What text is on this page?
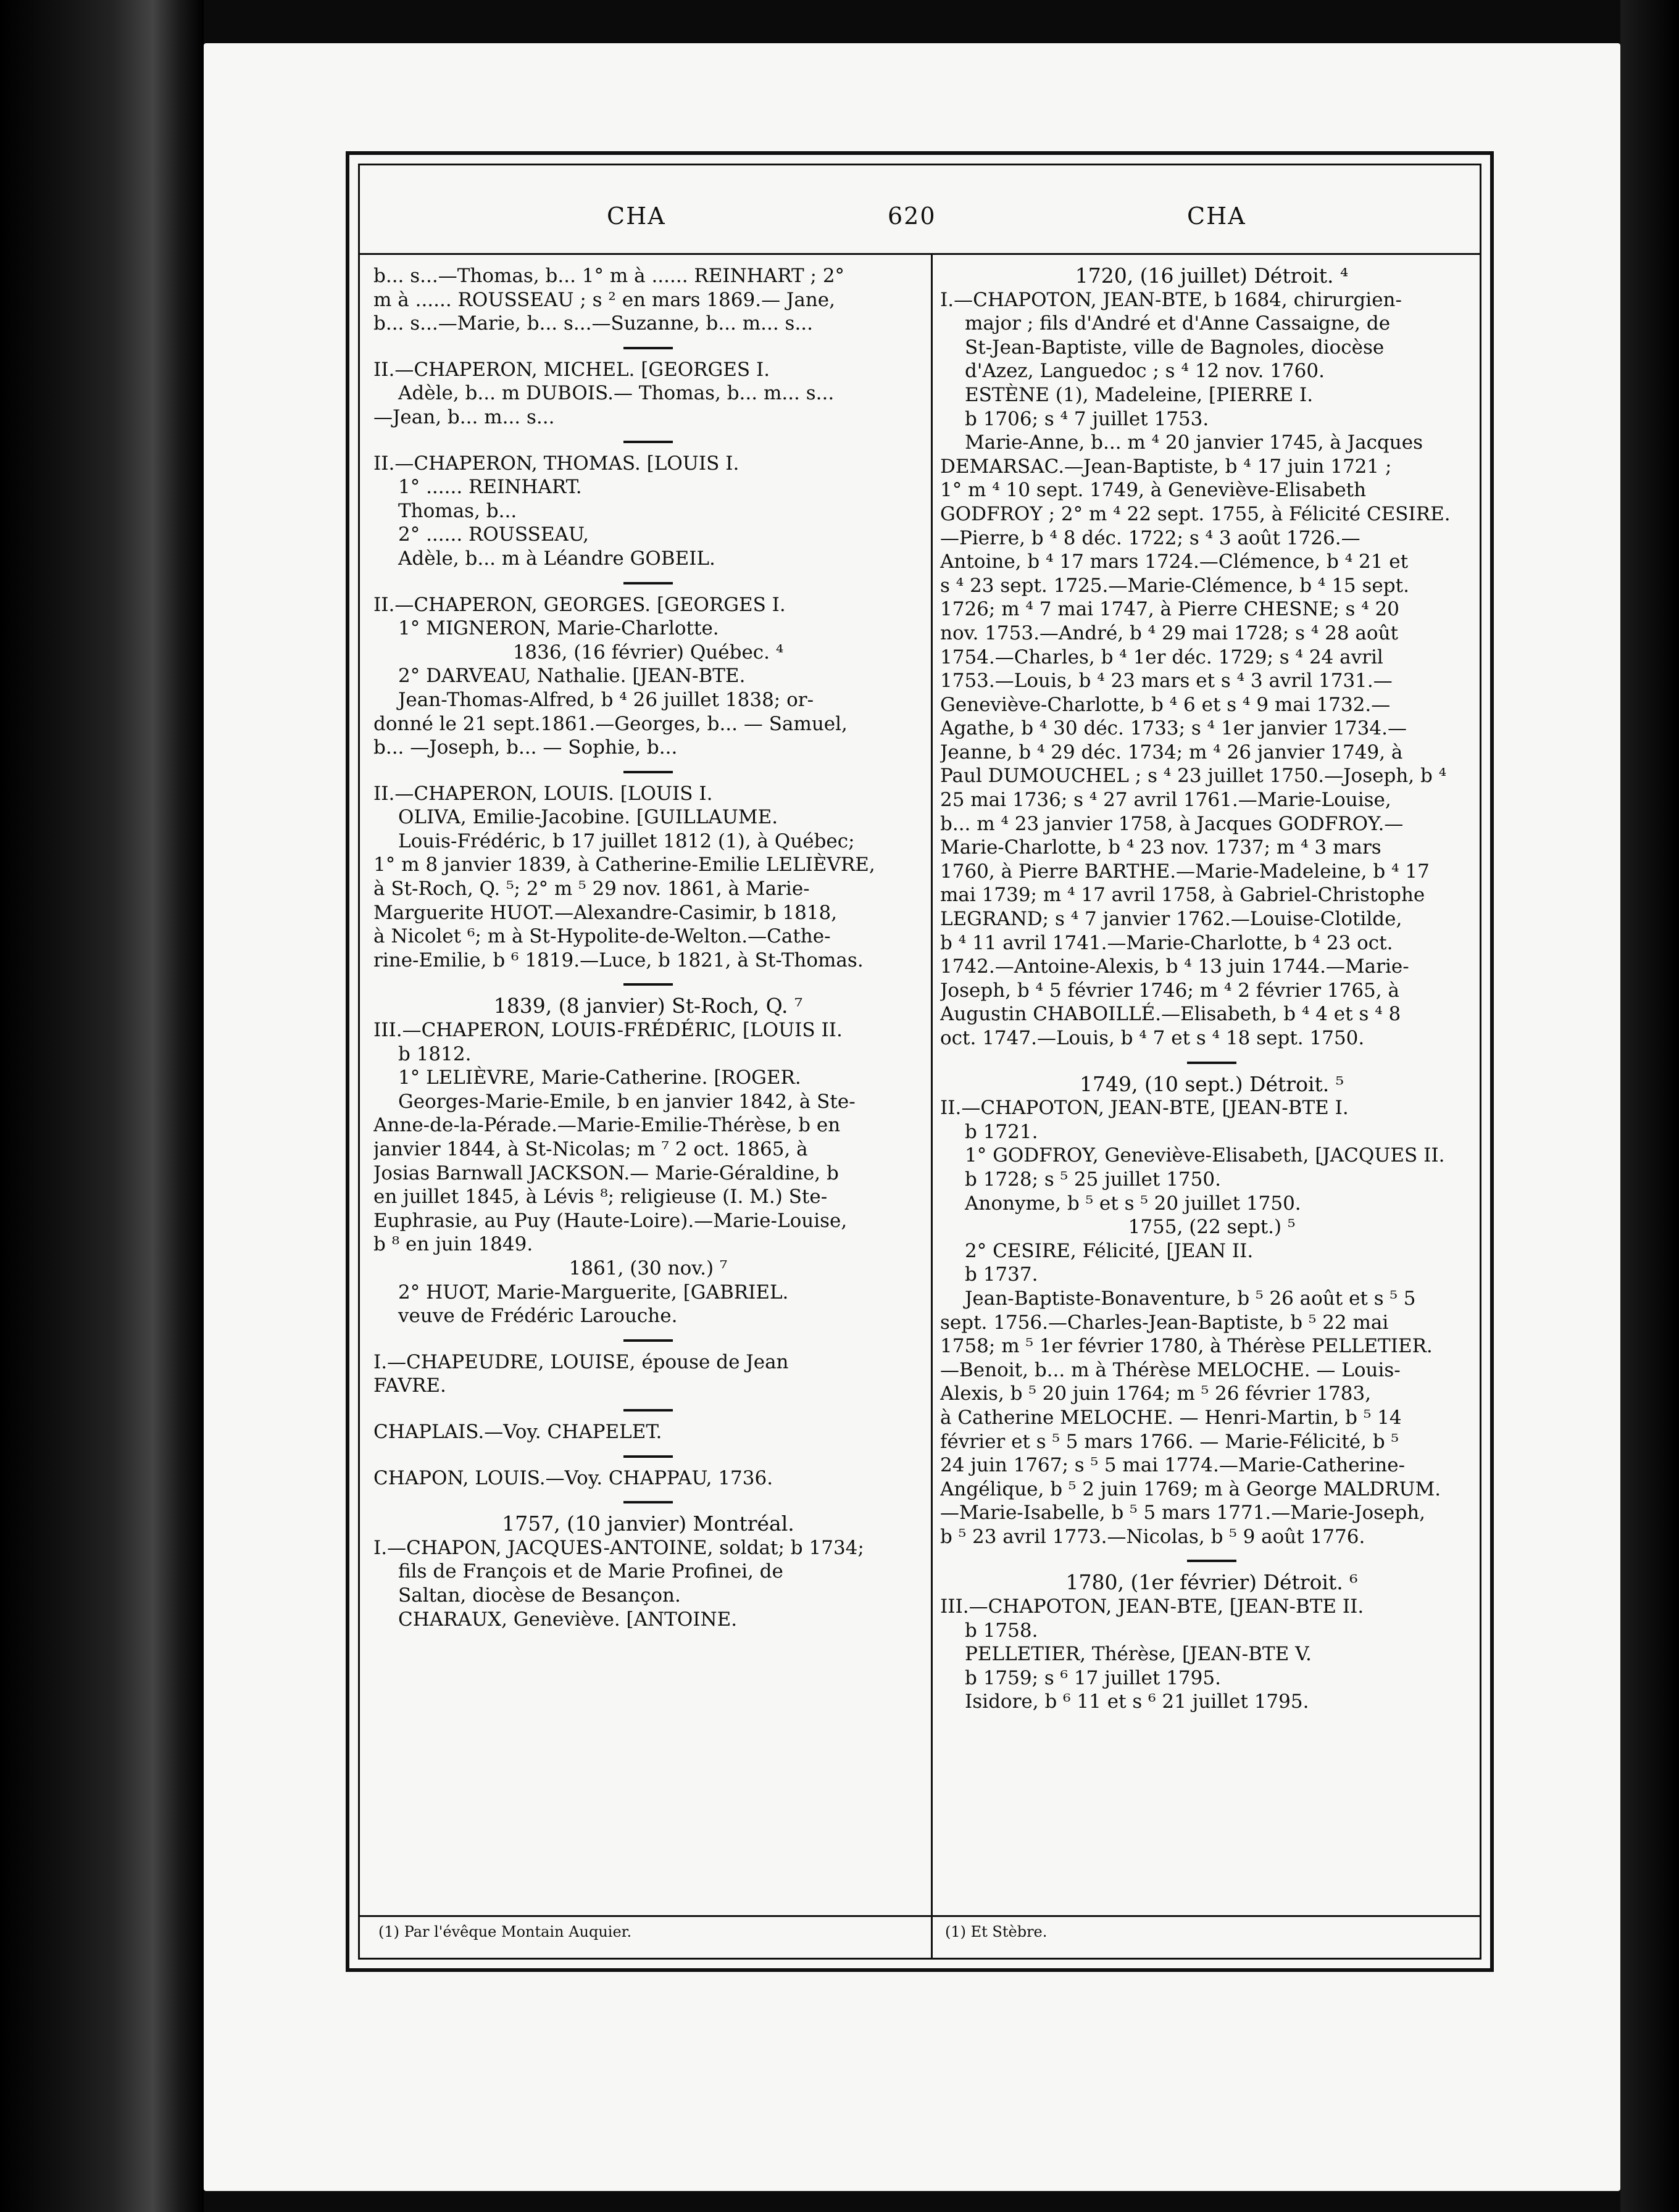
CHA	620	CHA
b... s...—Thomas, b... 1° m à ...... REINHART ; 2°
m à ...... ROUSSEAU ; s ² en mars 1869.— Jane,
b... s...—Marie, b... s...—Suzanne, b... m... s...
II.—CHAPERON, MICHEL. [GEORGES I.
Adèle, b... m DUBOIS.— Thomas, b... m... s...
—Jean, b... m... s...
II.—CHAPERON, THOMAS. [LOUIS I.
1° ...... REINHART.
Thomas, b...
2° ...... ROUSSEAU,
Adèle, b... m à Léandre GOBEIL.
II.—CHAPERON, GEORGES. [GEORGES I.
1° MIGNERON, Marie-Charlotte.
1836, (16 février) Québec. ⁴
2° DARVEAU, Nathalie. [JEAN-BTE.
Jean-Thomas-Alfred, b ⁴ 26 juillet 1838; or-
donné le 21 sept.1861.—Georges, b... — Samuel,
b... —Joseph, b... — Sophie, b...
II.—CHAPERON, LOUIS. [LOUIS I.
OLIVA, Emilie-Jacobine. [GUILLAUME.
Louis-Frédéric, b 17 juillet 1812 (1), à Québec;
1° m 8 janvier 1839, à Catherine-Emilie LELIÈVRE,
à St-Roch, Q. ⁵; 2° m ⁵ 29 nov. 1861, à Marie-
Marguerite HUOT.—Alexandre-Casimir, b 1818,
à Nicolet ⁶; m à St-Hypolite-de-Welton.—Cathe-
rine-Emilie, b ⁶ 1819.—Luce, b 1821, à St-Thomas.
1839, (8 janvier) St-Roch, Q. ⁷
III.—CHAPERON, LOUIS-FRÉDÉRIC, [LOUIS II.
b 1812.
1° LELIÈVRE, Marie-Catherine. [ROGER.
Georges-Marie-Emile, b en janvier 1842, à Ste-
Anne-de-la-Pérade.—Marie-Emilie-Thérèse, b en
janvier 1844, à St-Nicolas; m ⁷ 2 oct. 1865, à
Josias Barnwall JACKSON.— Marie-Géraldine, b
en juillet 1845, à Lévis ⁸; religieuse (I. M.) Ste-
Euphrasie, au Puy (Haute-Loire).—Marie-Louise,
b ⁸ en juin 1849.
1861, (30 nov.) ⁷
2° HUOT, Marie-Marguerite, [GABRIEL.
veuve de Frédéric Larouche.
I.—CHAPEUDRE, LOUISE, épouse de Jean
FAVRE.
CHAPLAIS.—Voy. CHAPELET.
CHAPON, LOUIS.—Voy. CHAPPAU, 1736.
1757, (10 janvier) Montréal.
I.—CHAPON, JACQUES-ANTOINE, soldat; b 1734;
fils de François et de Marie Profinei, de
Saltan, diocèse de Besançon.
CHARAUX, Geneviève. [ANTOINE.
1720, (16 juillet) Détroit. ⁴
I.—CHAPOTON, JEAN-BTE, b 1684, chirurgien-
major ; fils d'André et d'Anne Cassaigne, de
St-Jean-Baptiste, ville de Bagnoles, diocèse
d'Azez, Languedoc ; s ⁴ 12 nov. 1760.
ESTÈNE (1), Madeleine, [PIERRE I.
b 1706; s ⁴ 7 juillet 1753.
Marie-Anne, b... m ⁴ 20 janvier 1745, à Jacques
DEMARSAC.—Jean-Baptiste, b ⁴ 17 juin 1721 ;
1° m ⁴ 10 sept. 1749, à Geneviève-Elisabeth
GODFROY ; 2° m ⁴ 22 sept. 1755, à Félicité CESIRE.
—Pierre, b ⁴ 8 déc. 1722; s ⁴ 3 août 1726.—
Antoine, b ⁴ 17 mars 1724.—Clémence, b ⁴ 21 et
s ⁴ 23 sept. 1725.—Marie-Clémence, b ⁴ 15 sept.
1726; m ⁴ 7 mai 1747, à Pierre CHESNE; s ⁴ 20
nov. 1753.—André, b ⁴ 29 mai 1728; s ⁴ 28 août
1754.—Charles, b ⁴ 1er déc. 1729; s ⁴ 24 avril
1753.—Louis, b ⁴ 23 mars et s ⁴ 3 avril 1731.—
Geneviève-Charlotte, b ⁴ 6 et s ⁴ 9 mai 1732.—
Agathe, b ⁴ 30 déc. 1733; s ⁴ 1er janvier 1734.—
Jeanne, b ⁴ 29 déc. 1734; m ⁴ 26 janvier 1749, à
Paul DUMOUCHEL ; s ⁴ 23 juillet 1750.—Joseph, b ⁴
25 mai 1736; s ⁴ 27 avril 1761.—Marie-Louise,
b... m ⁴ 23 janvier 1758, à Jacques GODFROY.—
Marie-Charlotte, b ⁴ 23 nov. 1737; m ⁴ 3 mars
1760, à Pierre BARTHE.—Marie-Madeleine, b ⁴ 17
mai 1739; m ⁴ 17 avril 1758, à Gabriel-Christophe
LEGRAND; s ⁴ 7 janvier 1762.—Louise-Clotilde,
b ⁴ 11 avril 1741.—Marie-Charlotte, b ⁴ 23 oct.
1742.—Antoine-Alexis, b ⁴ 13 juin 1744.—Marie-
Joseph, b ⁴ 5 février 1746; m ⁴ 2 février 1765, à
Augustin CHABOILLÉ.—Elisabeth, b ⁴ 4 et s ⁴ 8
oct. 1747.—Louis, b ⁴ 7 et s ⁴ 18 sept. 1750.
1749, (10 sept.) Détroit. ⁵
II.—CHAPOTON, JEAN-BTE, [JEAN-BTE I.
b 1721.
1° GODFROY, Geneviève-Elisabeth, [JACQUES II.
b 1728; s ⁵ 25 juillet 1750.
Anonyme, b ⁵ et s ⁵ 20 juillet 1750.
1755, (22 sept.) ⁵
2° CESIRE, Félicité, [JEAN II.
b 1737.
Jean-Baptiste-Bonaventure, b ⁵ 26 août et s ⁵ 5
sept. 1756.—Charles-Jean-Baptiste, b ⁵ 22 mai
1758; m ⁵ 1er février 1780, à Thérèse PELLETIER.
—Benoit, b... m à Thérèse MELOCHE. — Louis-
Alexis, b ⁵ 20 juin 1764; m ⁵ 26 février 1783,
à Catherine MELOCHE. — Henri-Martin, b ⁵ 14
février et s ⁵ 5 mars 1766. — Marie-Félicité, b ⁵
24 juin 1767; s ⁵ 5 mai 1774.—Marie-Catherine-
Angélique, b ⁵ 2 juin 1769; m à George MALDRUM.
—Marie-Isabelle, b ⁵ 5 mars 1771.—Marie-Joseph,
b ⁵ 23 avril 1773.—Nicolas, b ⁵ 9 août 1776.
1780, (1er février) Détroit. ⁶
III.—CHAPOTON, JEAN-BTE, [JEAN-BTE II.
b 1758.
PELLETIER, Thérèse, [JEAN-BTE V.
b 1759; s ⁶ 17 juillet 1795.
Isidore, b ⁶ 11 et s ⁶ 21 juillet 1795.
(1) Par l'évêque Montain Auquier.	(1) Et Stèbre.
